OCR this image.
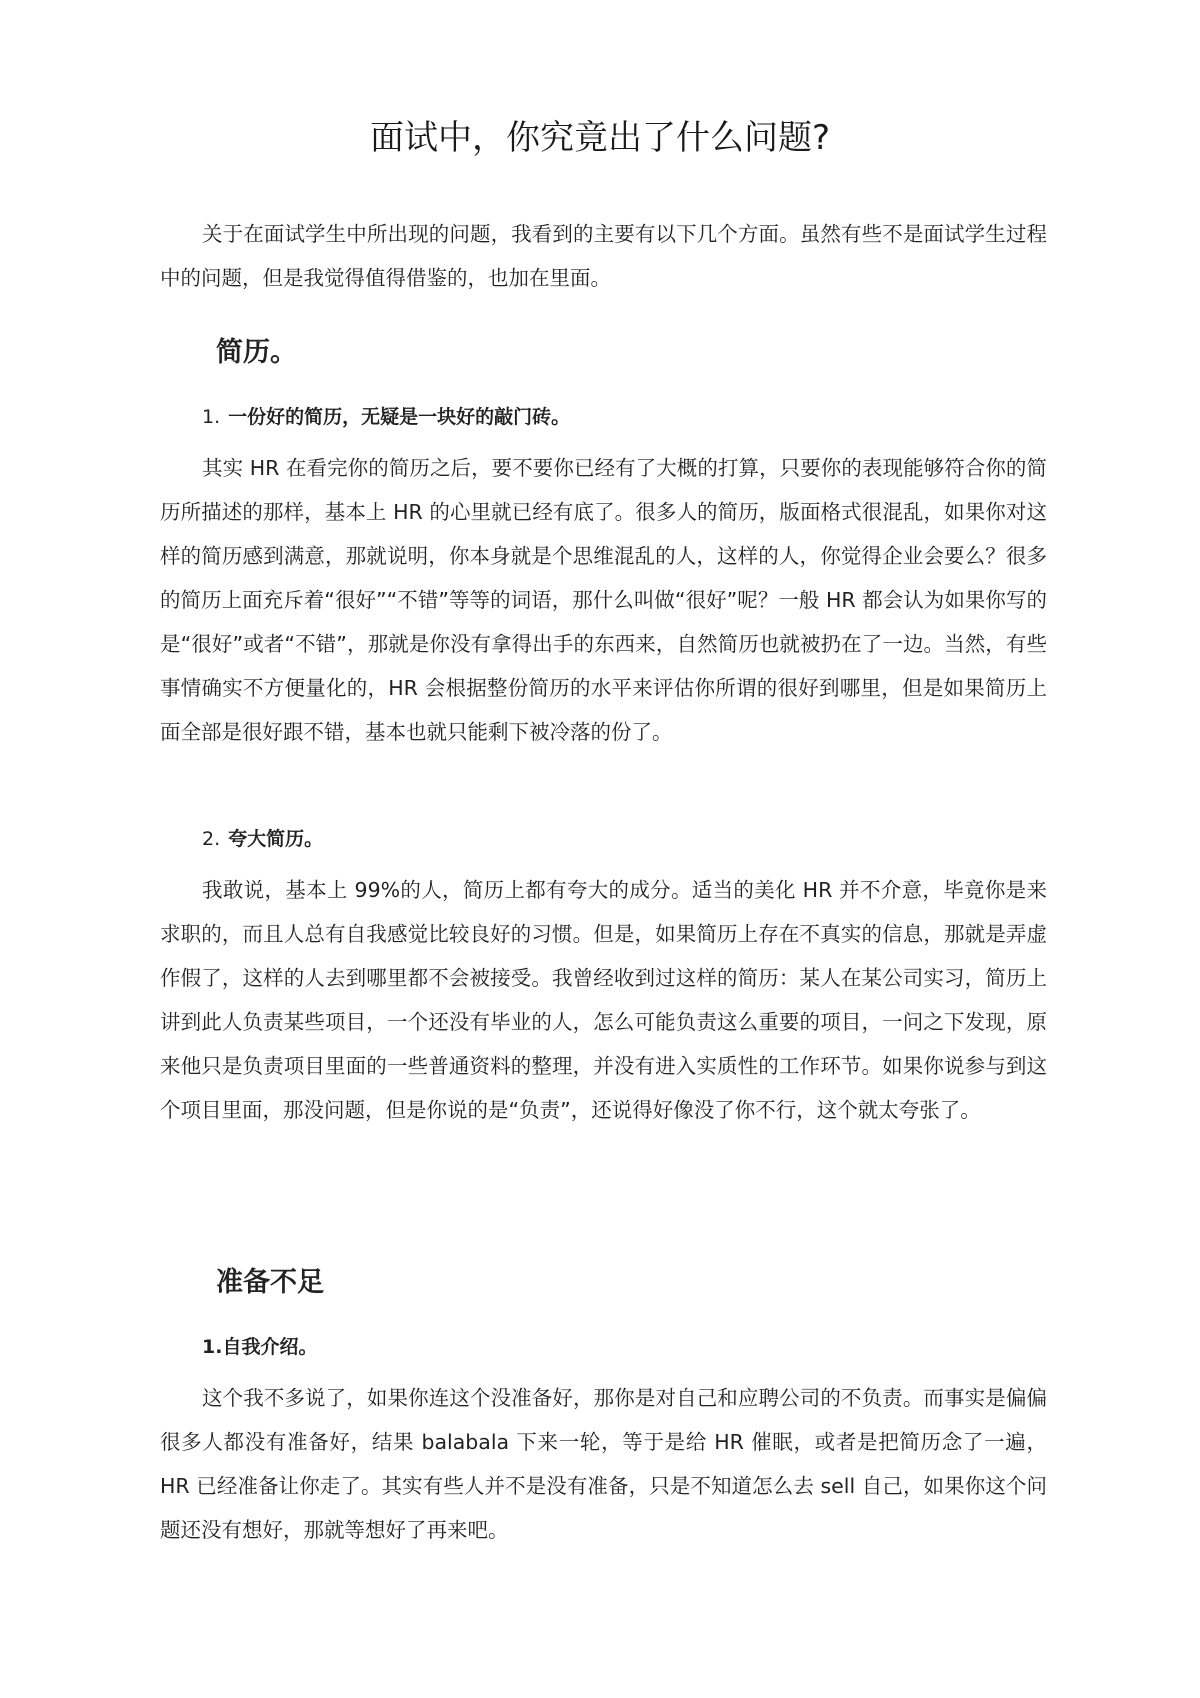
面试中，你究竟出了什么问题?

关于在面试学生中所出现的问题，我看到的主要有以下几个方面。虽然有些不是面试学生过程中的问题，但是我觉得值得借鉴的，也加在里面。

简历。
1. 一份好的简历，无疑是一块好的敲门砖。

其实 HR 在看完你的简历之后，要不要你已经有了大概的打算，只要你的表现能够符合你的简历所描述的那样，基本上 HR 的心里就已经有底了。很多人的简历，版面格式很混乱，如果你对这样的简历感到满意，那就说明，你本身就是个思维混乱的人，这样的人，你觉得企业会要么？很多的简历上面充斥着“很好”“不错”等等的词语，那什么叫做“很好”呢？一般 HR 都会认为如果你写的是“很好”或者“不错”，那就是你没有拿得出手的东西来，自然简历也就被扔在了一边。当然，有些事情确实不方便量化的，HR 会根据整份简历的水平来评估你所谓的很好到哪里，但是如果简历上面全部是很好跟不错，基本也就只能剩下被冷落的份了。

2. 夸大简历。

我敢说，基本上 99%的人，简历上都有夸大的成分。适当的美化 HR 并不介意，毕竟你是来求职的，而且人总有自我感觉比较良好的习惯。但是，如果简历上存在不真实的信息，那就是弄虚作假了，这样的人去到哪里都不会被接受。我曾经收到过这样的简历：某人在某公司实习，简历上讲到此人负责某些项目，一个还没有毕业的人，怎么可能负责这么重要的项目，一问之下发现，原来他只是负责项目里面的一些普通资料的整理，并没有进入实质性的工作环节。如果你说参与到这个项目里面，那没问题，但是你说的是“负责”，还说得好像没了你不行，这个就太夸张了。

准备不足
1.自我介绍。

这个我不多说了，如果你连这个没准备好，那你是对自己和应聘公司的不负责。而事实是偏偏很多人都没有准备好，结果 balabala 下来一轮，等于是给 HR 催眠，或者是把简历念了一遍，HR 已经准备让你走了。其实有些人并不是没有准备，只是不知道怎么去 sell 自己，如果你这个问题还没有想好，那就等想好了再来吧。
